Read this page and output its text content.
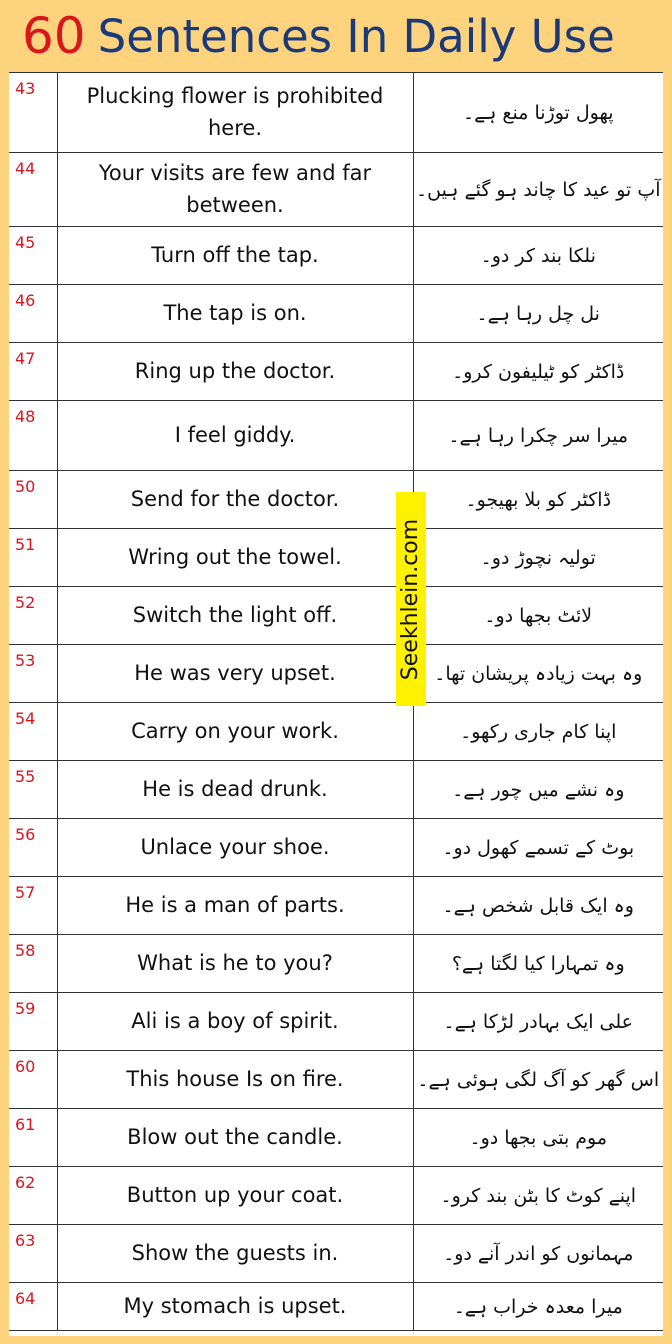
60 Sentences In Daily Use
43	Plucking flower is prohibited here.	پھول توڑنا منع ہے۔
44	Your visits are few and far between.	آپ تو عید کا چاند ہو گئے ہیں۔
45	Turn off the tap.	نلکا بند کر دو۔
46	The tap is on.	نل چل رہا ہے۔
47	Ring up the doctor.	ڈاکٹر کو ٹیلیفون کرو۔
48	I feel giddy.	میرا سر چکرا رہا ہے۔
50	Send for the doctor.	ڈاکٹر کو بلا بھیجو۔
51	Wring out the towel.	تولیہ نچوڑ دو۔
52	Switch the light off.	لائٹ بجھا دو۔
53	He was very upset.	وہ بہت زیادہ پریشان تھا۔
54	Carry on your work.	اپنا کام جاری رکھو۔
55	He is dead drunk.	وہ نشے میں چور ہے۔
56	Unlace your shoe.	بوٹ کے تسمے کھول دو۔
57	He is a man of parts.	وہ ایک قابل شخص ہے۔
58	What is he to you?	وہ تمہارا کیا لگتا ہے؟
59	Ali is a boy of spirit.	علی ایک بہادر لڑکا ہے۔
60	This house Is on fire.	اس گھر کو آگ لگی ہوئی ہے۔
61	Blow out the candle.	موم بتی بجھا دو۔
62	Button up your coat.	اپنے کوٹ کا بٹن بند کرو۔
63	Show the guests in.	مہمانوں کو اندر آنے دو۔
64	My stomach is upset.	میرا معدہ خراب ہے۔
Seekhlein.com
